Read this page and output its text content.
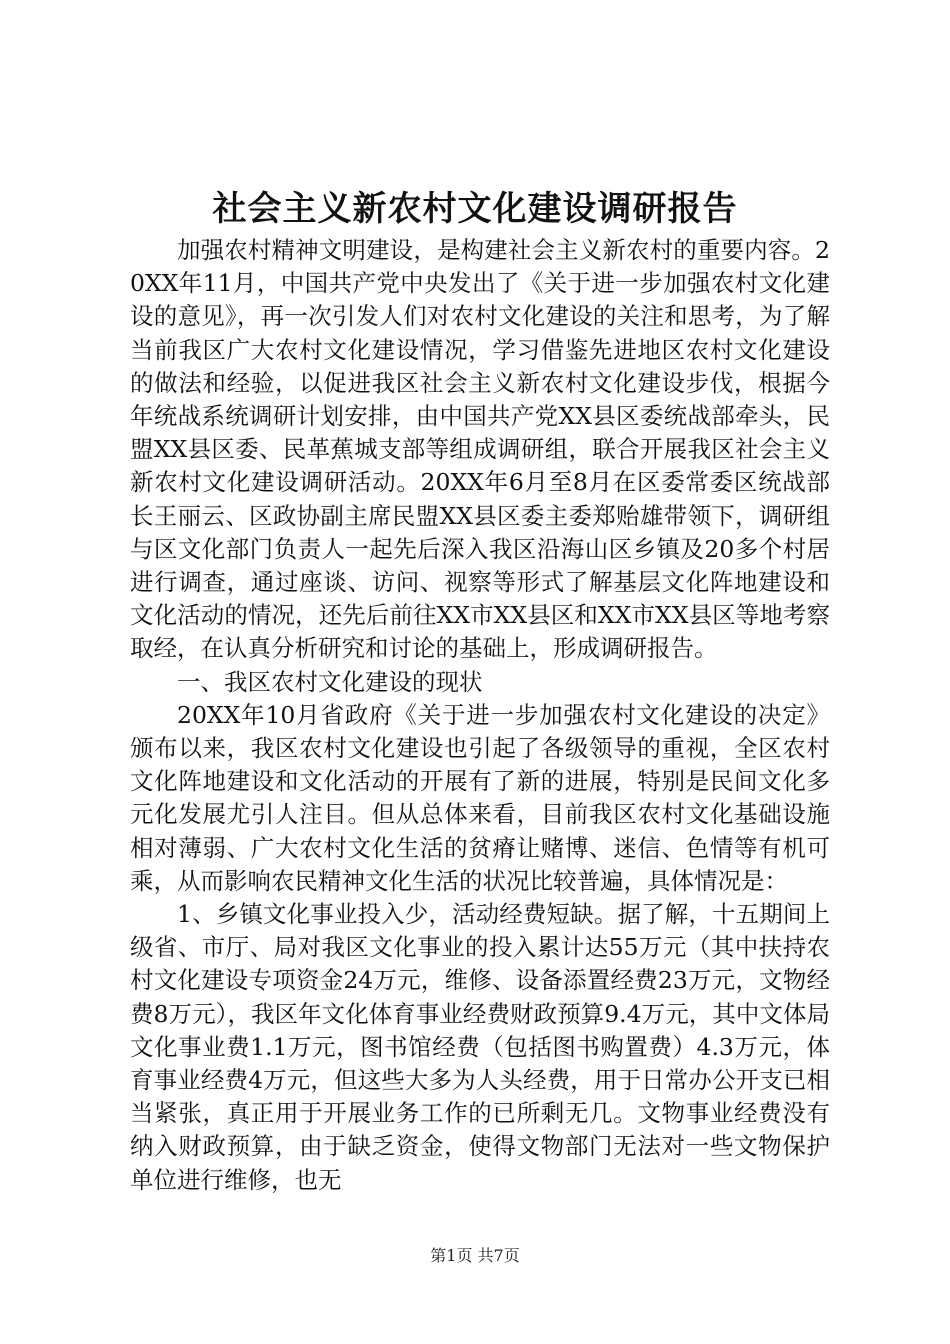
社会主义新农村文化建设调研报告

加强农村精神文明建设，是构建社会主义新农村的重要内容。20XX年11月，中国共产党中央发出了《关于进一步加强农村文化建设的意见》，再一次引发人们对农村文化建设的关注和思考，为了解当前我区广大农村文化建设情况，学习借鉴先进地区农村文化建设的做法和经验，以促进我区社会主义新农村文化建设步伐，根据今年统战系统调研计划安排，由中国共产党XX县区委统战部牵头，民盟XX县区委、民革蕉城支部等组成调研组，联合开展我区社会主义新农村文化建设调研活动。20XX年6月至8月在区委常委区统战部长王丽云、区政协副主席民盟XX县区委主委郑贻雄带领下，调研组与区文化部门负责人一起先后深入我区沿海山区乡镇及20多个村居进行调查，通过座谈、访问、视察等形式了解基层文化阵地建设和文化活动的情况，还先后前往XX市XX县区和XX市XX县区等地考察取经，在认真分析研究和讨论的基础上，形成调研报告。

一、我区农村文化建设的现状

20XX年10月省政府《关于进一步加强农村文化建设的决定》颁布以来，我区农村文化建设也引起了各级领导的重视，全区农村文化阵地建设和文化活动的开展有了新的进展，特别是民间文化多元化发展尤引人注目。但从总体来看，目前我区农村文化基础设施相对薄弱、广大农村文化生活的贫瘠让赌博、迷信、色情等有机可乘，从而影响农民精神文化生活的状况比较普遍，具体情况是：

1、乡镇文化事业投入少，活动经费短缺。据了解，十五期间上级省、市厅、局对我区文化事业的投入累计达55万元（其中扶持农村文化建设专项资金24万元，维修、设备添置经费23万元，文物经费8万元），我区年文化体育事业经费财政预算9.4万元，其中文体局文化事业费1.1万元，图书馆经费（包括图书购置费）4.3万元，体育事业经费4万元，但这些大多为人头经费，用于日常办公开支已相当紧张，真正用于开展业务工作的已所剩无几。文物事业经费没有纳入财政预算，由于缺乏资金，使得文物部门无法对一些文物保护单位进行维修，也无

第1页 共7页
